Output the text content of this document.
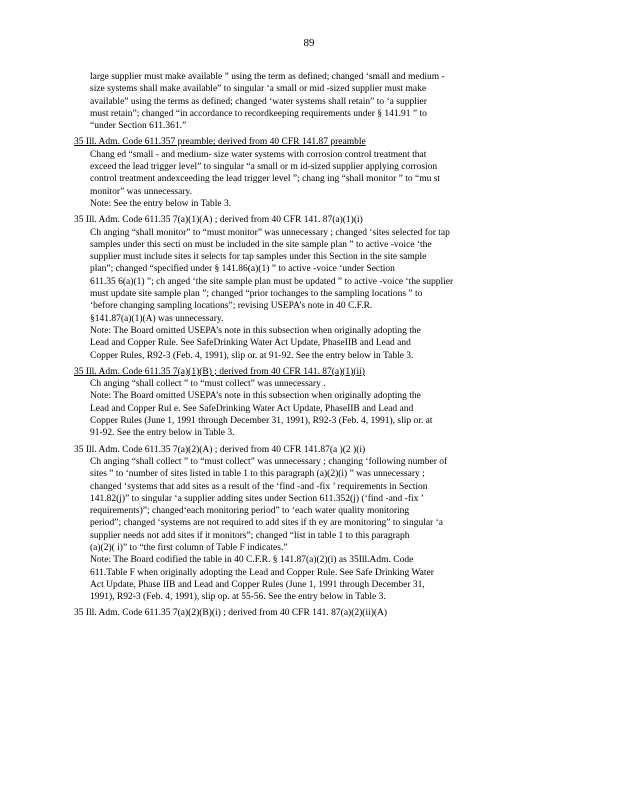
89
large supplier must make available ” using the term as defined; changed ‘small and medium -
size systems shall make available” to singular ‘a small or mid -sized supplier must make
available” using the terms as defined; changed ‘water systems shall retain” to ‘a supplier
must retain”; changed “in accordance to recordkeeping requirements under § 141.91 ” to
“under Section 611.361.”
35 Ill. Adm. Code 611.357 preamble; derived from 40 CFR 141.87 preamble
Chang ed “small - and medium- size water systems with corrosion control treatment that
exceed the lead trigger level” to singular “a small or m id-sized supplier applying corrosion
control treatment andexceeding the lead trigger level ”; chang ing “shall monitor ” to “mu st
monitor” was unnecessary.
Note: See the entry below in Table 3.
35 Ill. Adm. Code 611.35 7(a)(1)(A) ; derived from 40 CFR 141. 87(a)(1)(i)
Ch anging “shall monitor” to “must monitor” was unnecessary ; changed ‘sites selected for tap
samples under this secti on must be included in the site sample plan ” to active -voice ‘the
supplier must include sites it selects for tap samples under this Section in the site sample
plan”; changed “specified under § 141.86(a)(1) ” to active -voice ‘under Section
611.35 6(a)(1) ”; ch anged ‘the site sample plan must be updated ” to active -voice ‘the supplier
must update site sample plan ”; changed “prior tochanges to the sampling locations ” to
‘before changing sampling locations”; revising USEPA’s note in 40 C.F.R.
§141.87(a)(1)(A) was unnecessary.
Note: The Board omitted USEPA’s note in this subsection when originally adopting the
Lead and Copper Rule. See SafeDrinking Water Act Update, PhaseIIB and Lead and
Copper Rules, R92-3 (Feb. 4, 1991), slip or. at 91-92. See the entry below in Table 3.
35 Ill. Adm. Code 611.35 7(a)(1)(B) ; derived from 40 CFR 141. 87(a)(1)(ii)
Ch anging “shall collect ” to “must collect” was unnecessary .
Note: The Board omitted USEPA’s note in this subsection when originally adopting the
Lead and Copper Rul e. See SafeDrinking Water Act Update, PhaseIIB and Lead and
Copper Rules (June 1, 1991 through December 31, 1991), R92-3 (Feb. 4, 1991), slip or. at
91-92. See the entry below in Table 3.
35 Ill. Adm. Code 611.35 7(a)(2)(A) ; derived from 40 CFR 141.87(a )(2 )(i)
Ch anging “shall collect ” to “must collect” was unnecessary ; changing ‘following number of
sites ” to ‘number of sites listed in table 1 to this paragraph (a)(2)(i) ” was unnecessary ;
changed ‘systems that add sites as a result of the ‘find -and -fix ’ requirements in Section
141.82(j)” to singular ‘a supplier adding sites under Section 611.352(j) (‘find -and -fix ’
requirements)”; changed‘each monitoring period” to ‘each water quality monitoring
period”; changed ‘systems are not required to add sites if th ey are monitoring” to singular ‘a
supplier needs not add sites if it monitors”; changed “list in table 1 to this paragraph
(a)(2)( i)” to “the first column of Table F indicates.”
Note: The Board codified the table in 40 C.F.R. § 141.87(a)(2)(i) as 35Ill.Adm. Code
611.Table F when originally adopting the Lead and Copper Rule. See Safe Drinking Water
Act Update, Phase IIB and Lead and Copper Rules (June 1, 1991 through December 31,
1991), R92-3 (Feb. 4, 1991), slip op. at 55-56. See the entry below in Table 3.
35 Ill. Adm. Code 611.35 7(a)(2)(B)(i) ; derived from 40 CFR 141. 87(a)(2)(ii)(A)
